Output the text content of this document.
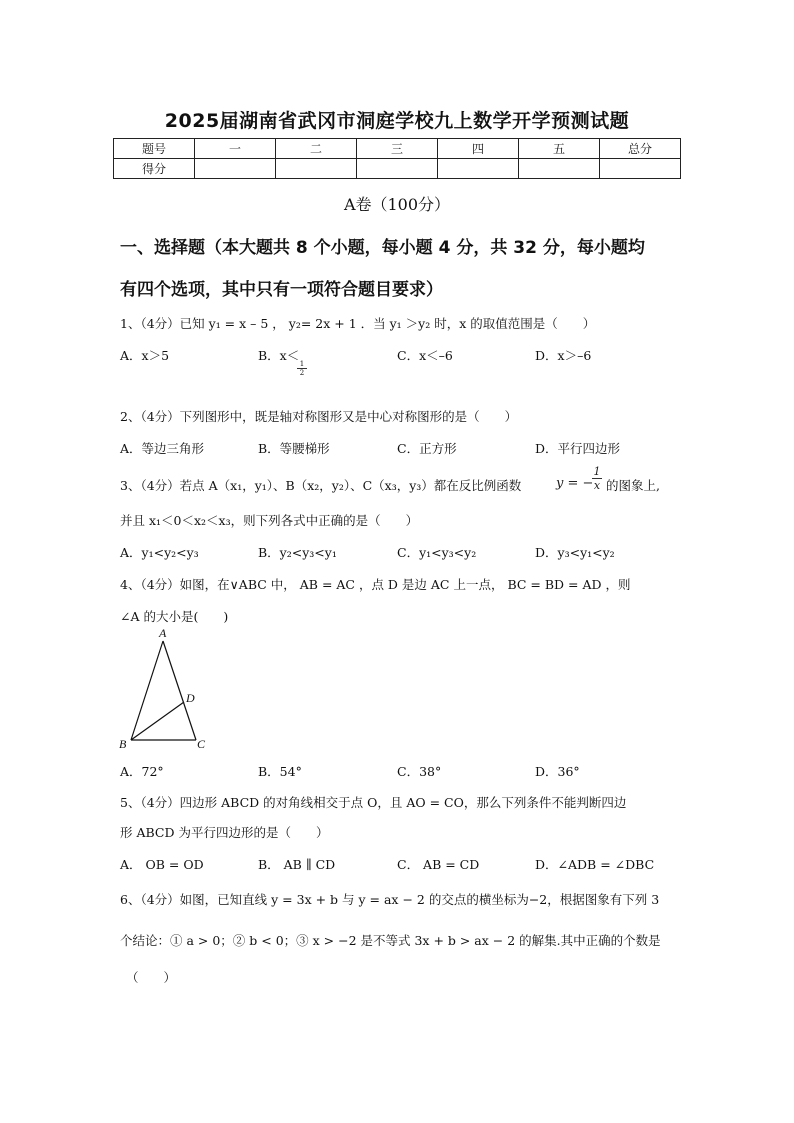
2025届湖南省武冈市洞庭学校九上数学开学预测试题
题号	一	二	三	四	五	总分
得分						
A卷（100分）
一、选择题（本大题共 8 个小题，每小题 4 分，共 32 分，每小题均
有四个选项，其中只有一项符合题目要求）
1、（4分）已知 y₁ = x – 5 ， y₂= 2x + 1 ．当 y₁ ＞y₂ 时，x 的取值范围是（　　）
A．x＞5	B．x＜
$\frac{1}{2}$
C．x＜–6	D．x＞–6
2、（4分）下列图形中，既是轴对称图形又是中心对称图形的是（　　）
A．等边三角形	B．等腰梯形	C．正方形	D．平行四边形
3、（4分）若点 A（x₁，y₁）、B（x₂，y₂）、C（x₃，y₃）都在反比例函数	y = −
$\frac{1}{x}$ 的图象上,
并且 x₁＜0＜x₂＜x₃，则下列各式中正确的是（　　）
A．y₁<y₂<y₃	B．y₂<y₃<y₁	C．y₁<y₃<y₂	D．y₃<y₁<y₂
4、（4分）如图，在∨ABC 中， AB = AC ，点 D 是边 AC 上一点， BC = BD = AD ，则
∠A 的大小是(　　)
A
D
B	C
A．72°	B．54°	C．38°	D．36°
5、（4分）四边形 ABCD 的对角线相交于点 O，且 AO = CO，那么下列条件不能判断四边
形 ABCD 为平行四边形的是（　　）
A． OB = OD	B． AB ∥ CD	C． AB = CD	D．∠ADB = ∠DBC
6、（4分）如图，已知直线 y = 3x + b 与 y = ax − 2 的交点的横坐标为−2，根据图象有下列 3
个结论：① a > 0；② b < 0；③ x > −2 是不等式 3x + b > ax − 2 的解集.其中正确的个数是
（　　）
